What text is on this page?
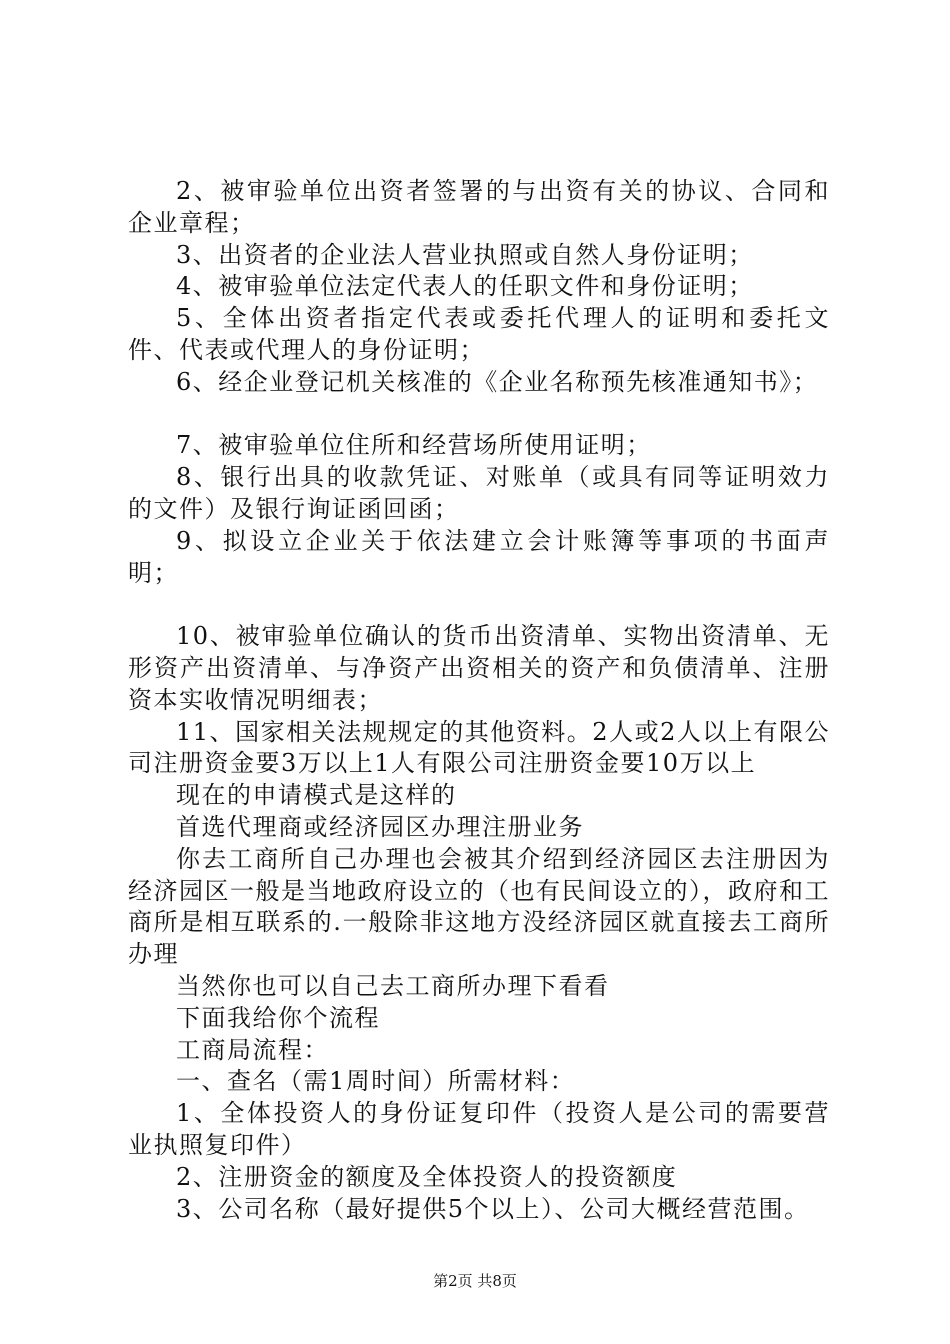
2、被审验单位出资者签署的与出资有关的协议、合同和企业章程；

3、出资者的企业法人营业执照或自然人身份证明；

4、被审验单位法定代表人的任职文件和身份证明；

5、全体出资者指定代表或委托代理人的证明和委托文件、代表或代理人的身份证明；

6、经企业登记机关核准的《企业名称预先核准通知书》；

7、被审验单位住所和经营场所使用证明；

8、银行出具的收款凭证、对账单（或具有同等证明效力的文件）及银行询证函回函；

9、拟设立企业关于依法建立会计账簿等事项的书面声明；

10、被审验单位确认的货币出资清单、实物出资清单、无形资产出资清单、与净资产出资相关的资产和负债清单、注册资本实收情况明细表；

11、国家相关法规规定的其他资料。2人或2人以上有限公司注册资金要3万以上1人有限公司注册资金要10万以上

现在的申请模式是这样的

首选代理商或经济园区办理注册业务

你去工商所自己办理也会被其介绍到经济园区去注册因为经济园区一般是当地政府设立的（也有民间设立的），政府和工商所是相互联系的.一般除非这地方没经济园区就直接去工商所办理

当然你也可以自己去工商所办理下看看

下面我给你个流程

工商局流程：

一、查名（需1周时间）所需材料：

1、全体投资人的身份证复印件（投资人是公司的需要营业执照复印件）

2、注册资金的额度及全体投资人的投资额度

3、公司名称（最好提供5个以上）、公司大概经营范围。

第2页 共8页
